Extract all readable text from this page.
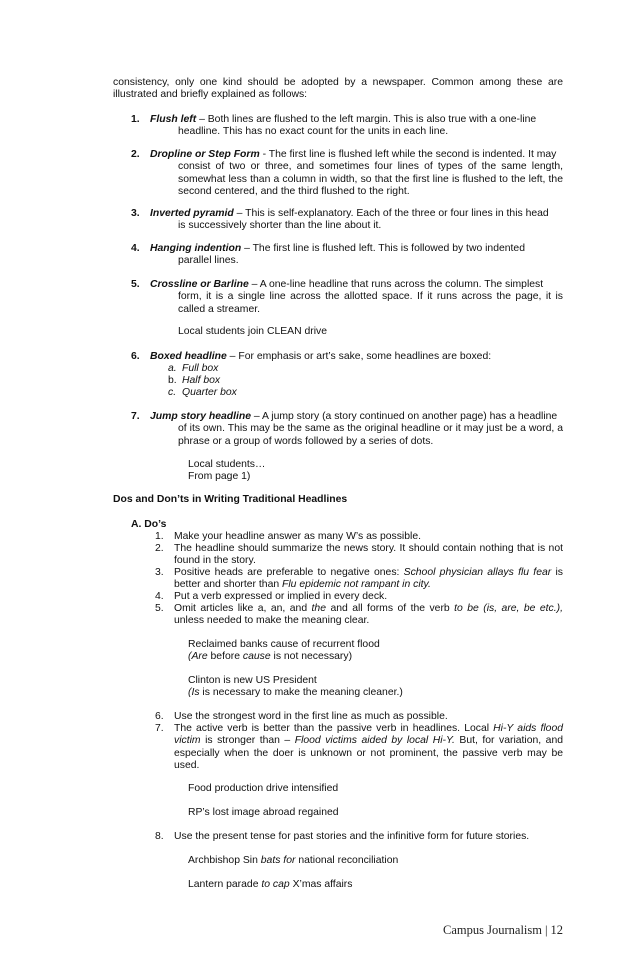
consistency, only one kind should be adopted by a newspaper. Common among these are illustrated and briefly explained as follows:
1. Flush left – Both lines are flushed to the left margin. This is also true with a one-line
headline. This has no exact count for the units in each line.
2. Dropline or Step Form - The first line is flushed left while the second is indented. It may
consist of two or three, and sometimes four lines of types of the same length, somewhat less than a column in width, so that the first line is flushed to the left, the second centered, and the third flushed to the right.
3. Inverted pyramid – This is self-explanatory. Each of the three or four lines in this head
is successively shorter than the line about it.
4. Hanging indention – The first line is flushed left. This is followed by two indented
parallel lines.
5. Crossline or Barline – A one-line headline that runs across the column. The simplest
form, it is a single line across the allotted space. If it runs across the page, it is called a streamer.
Local students join CLEAN drive
6. Boxed headline – For emphasis or art’s sake, some headlines are boxed:
a. Full box
b. Half box
c. Quarter box
7. Jump story headline – A jump story (a story continued on another page) has a headline
of its own. This may be the same as the original headline or it may just be a word, a phrase or a group of words followed by a series of dots.
Local students…
From page 1)
Dos and Don’ts in Writing Traditional Headlines
A. Do’s
1. Make your headline answer as many W’s as possible.
2. The headline should summarize the news story. It should contain nothing that is not found in the story.
3. Positive heads are preferable to negative ones: School physician allays flu fear is better and shorter than Flu epidemic not rampant in city.
4. Put a verb expressed or implied in every deck.
5. Omit articles like a, an, and the and all forms of the verb to be (is, are, be etc.), unless needed to make the meaning clear.
Reclaimed banks cause of recurrent flood
(Are before cause is not necessary)
Clinton is new US President
(Is is necessary to make the meaning cleaner.)
6. Use the strongest word in the first line as much as possible.
7. The active verb is better than the passive verb in headlines. Local Hi-Y aids flood victim is stronger than – Flood victims aided by local Hi-Y. But, for variation, and especially when the doer is unknown or not prominent, the passive verb may be used.
Food production drive intensified
RP’s lost image abroad regained
8. Use the present tense for past stories and the infinitive form for future stories.
Archbishop Sin bats for national reconciliation
Lantern parade to cap X’mas affairs
Campus Journalism | 12
